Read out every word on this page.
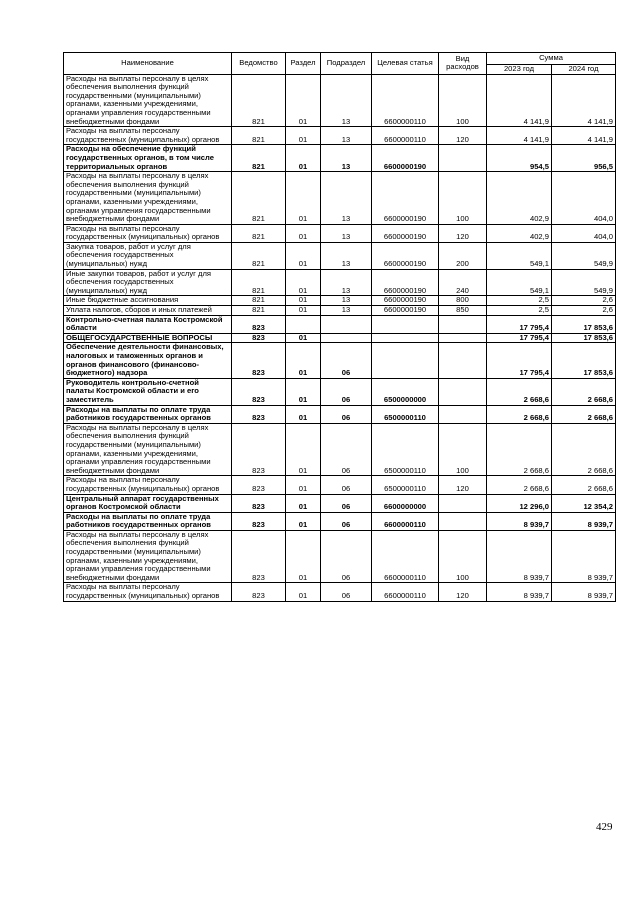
Наименование	Ведомство	Раздел	Подраздел	Целевая статья	Вид расходов	Сумма	
						2023 год	2024 год
Расходы на выплаты персоналу в целях обеспечения выполнения функций государственными (муниципальными) органами, казенными учреждениями, органами управления государственными внебюджетными фондами	821	01	13	6600000110	100	4 141,9	4 141,9
Расходы на выплаты персоналу государственных (муниципальных) органов	821	01	13	6600000110	120	4 141,9	4 141,9
Расходы на обеспечение функций государственных органов, в том числе территориальных органов	821	01	13	6600000190		954,5	956,5
Расходы на выплаты персоналу в целях обеспечения выполнения функций государственными (муниципальными) органами, казенными учреждениями, органами управления государственными внебюджетными фондами	821	01	13	6600000190	100	402,9	404,0
Расходы на выплаты персоналу государственных (муниципальных) органов	821	01	13	6600000190	120	402,9	404,0
Закупка товаров, работ и услуг для обеспечения государственных (муниципальных) нужд	821	01	13	6600000190	200	549,1	549,9
Иные закупки товаров, работ и услуг для обеспечения государственных (муниципальных) нужд	821	01	13	6600000190	240	549,1	549,9
Иные бюджетные ассигнования	821	01	13	6600000190	800	2,5	2,6
Уплата налогов, сборов и иных платежей	821	01	13	6600000190	850	2,5	2,6
Контрольно-счетная палата Костромской области	823					17 795,4	17 853,6
ОБЩЕГОСУДАРСТВЕННЫЕ ВОПРОСЫ	823	01				17 795,4	17 853,6
Обеспечение деятельности финансовых, налоговых и таможенных органов и органов финансового (финансово-бюджетного) надзора	823	01	06			17 795,4	17 853,6
Руководитель контрольно-счетной палаты Костромской области и его заместитель	823	01	06	6500000000		2 668,6	2 668,6
Расходы на выплаты по оплате труда работников государственных органов	823	01	06	6500000110		2 668,6	2 668,6
Расходы на выплаты персоналу в целях обеспечения выполнения функций государственными (муниципальными) органами, казенными учреждениями, органами управления государственными внебюджетными фондами	823	01	06	6500000110	100	2 668,6	2 668,6
Расходы на выплаты персоналу государственных (муниципальных) органов	823	01	06	6500000110	120	2 668,6	2 668,6
Центральный аппарат государственных органов Костромской области	823	01	06	6600000000		12 296,0	12 354,2
Расходы на выплаты по оплате труда работников государственных органов	823	01	06	6600000110		8 939,7	8 939,7
Расходы на выплаты персоналу в целях обеспечения выполнения функций государственными (муниципальными) органами, казенными учреждениями, органами управления государственными внебюджетными фондами	823	01	06	6600000110	100	8 939,7	8 939,7
Расходы на выплаты персоналу государственных (муниципальных) органов	823	01	06	6600000110	120	8 939,7	8 939,7
429
